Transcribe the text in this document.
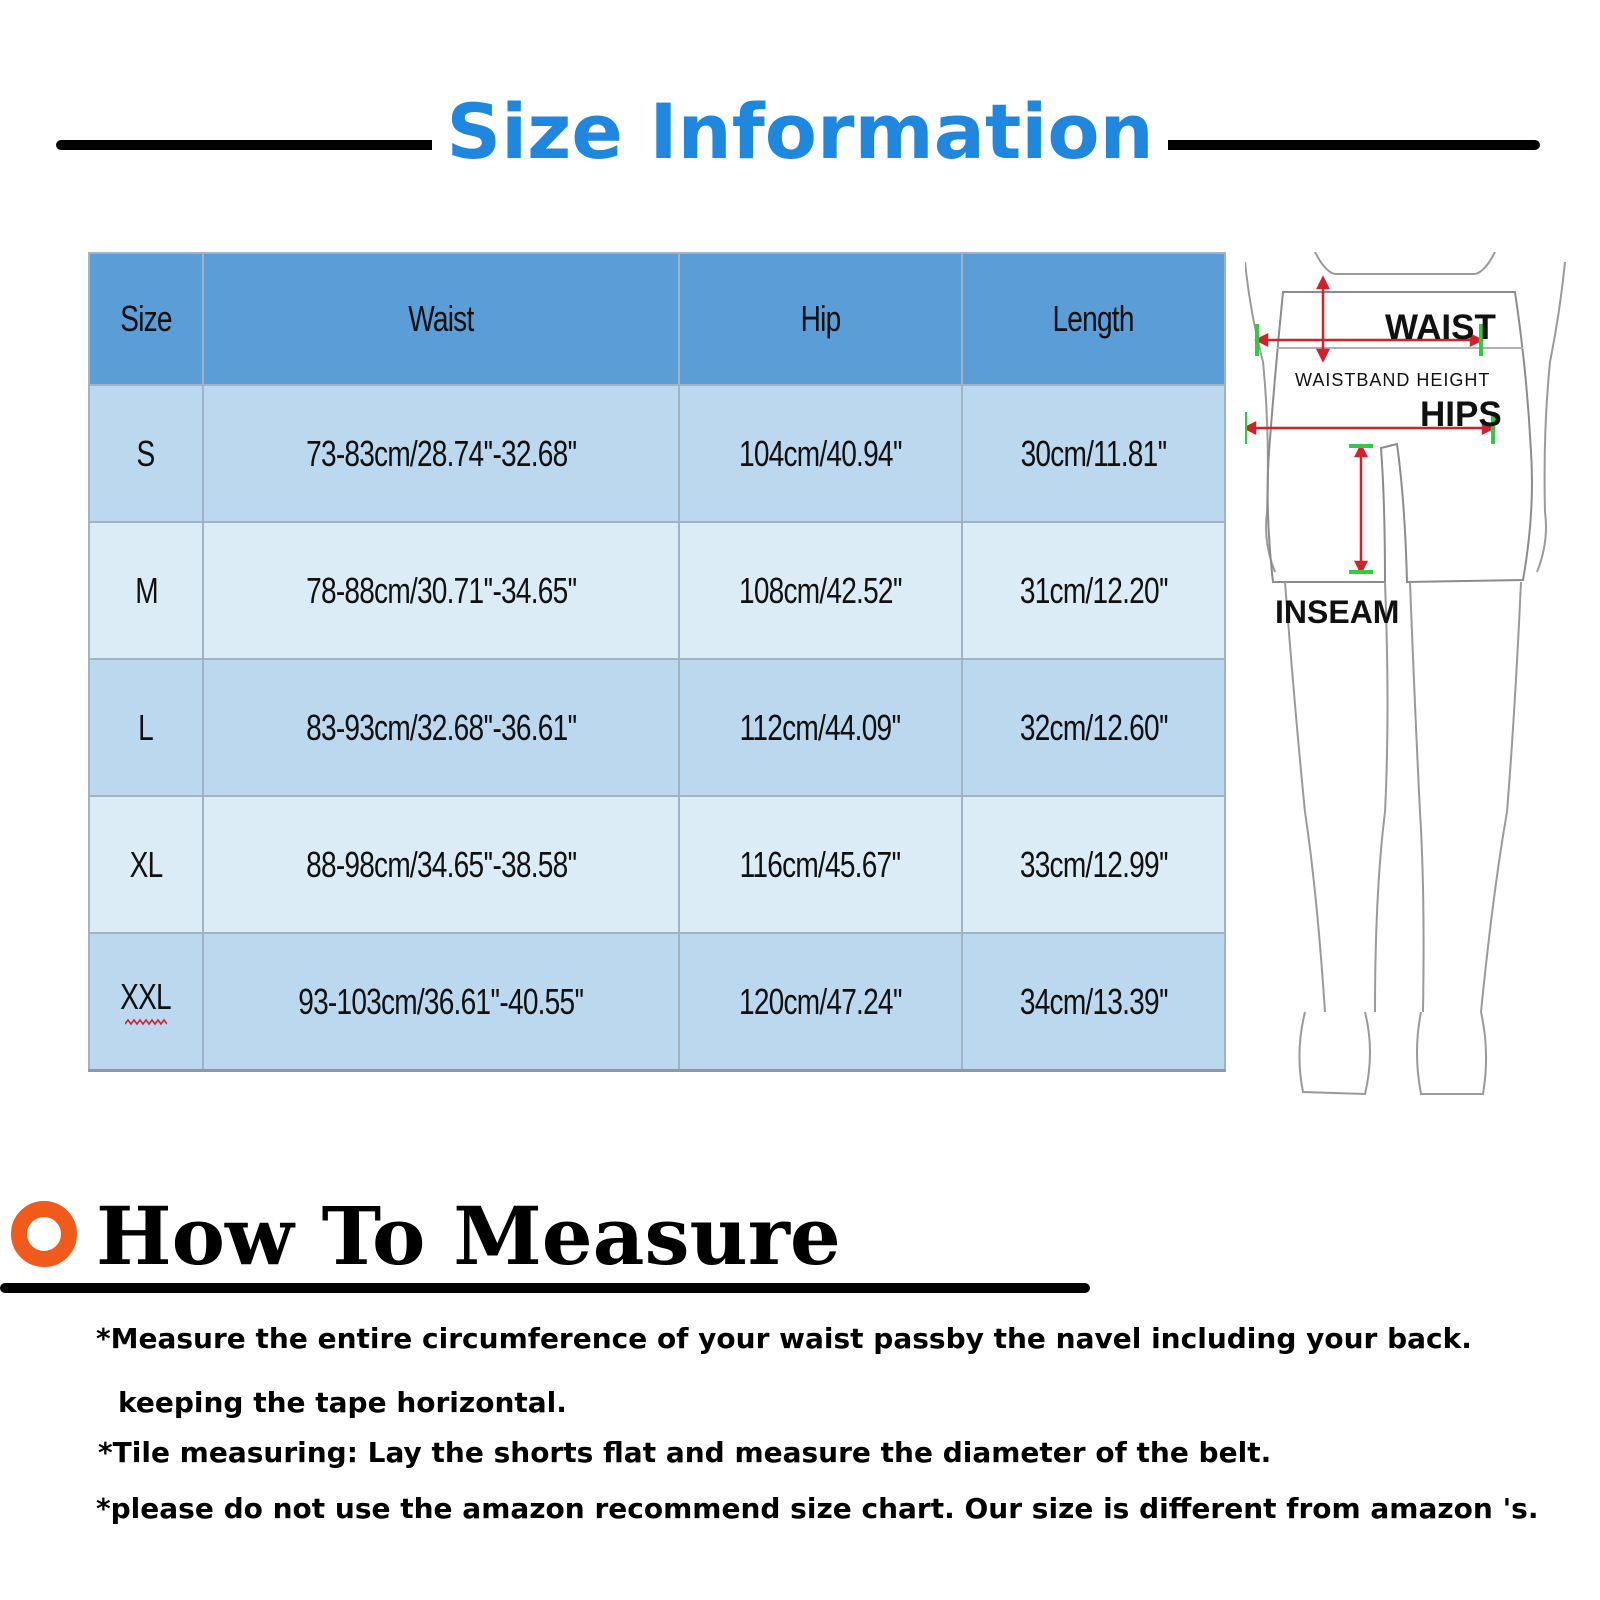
Size Information
Size	Waist	Hip	Length
S	73-83cm/28.74''-32.68''	104cm/40.94''	30cm/11.81''
M	78-88cm/30.71''-34.65''	108cm/42.52''	31cm/12.20''
L	83-93cm/32.68''-36.61''	112cm/44.09''	32cm/12.60''
XL	88-98cm/34.65''-38.58''	116cm/45.67''	33cm/12.99''
XXL	93-103cm/36.61''-40.55''	120cm/47.24''	34cm/13.39''
WAIST
WAISTBAND HEIGHT
HIPS
INSEAM
How To Measure
*Measure the entire circumference of your waist passby the navel including your back.
keeping the tape horizontal.
*Tile measuring: Lay the shorts flat and measure the diameter of the belt.
*please do not use the amazon recommend size chart. Our size is different from amazon 's.
